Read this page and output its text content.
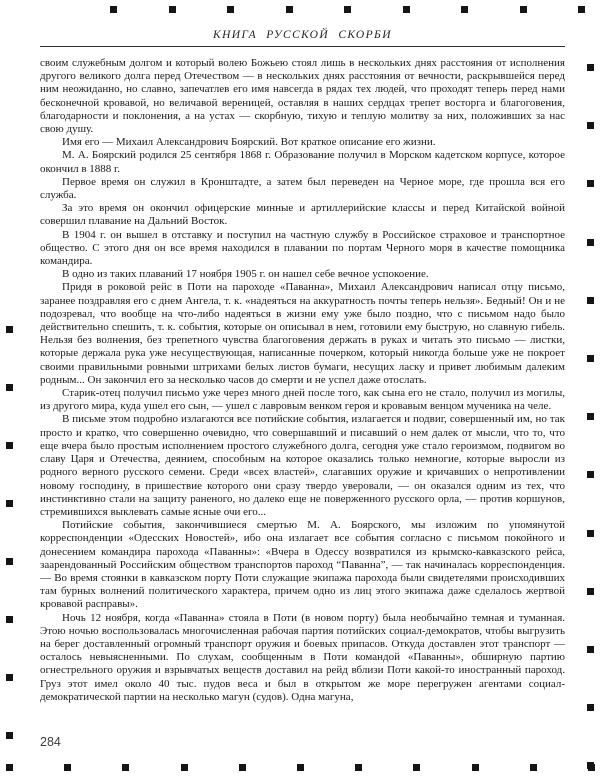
КНИГА РУССКОЙ СКОРБИ

своим служебным долгом и который волею Божьею стоял лишь в нескольких днях расстояния от исполнения другого великого долга перед Отечеством — в нескольких днях расстояния от вечности, раскрывшейся перед ним неожиданно, но славно, запечатлев его имя навсегда в рядах тех людей, что проходят теперь перед нами бесконечной кровавой, но величавой вереницей, оставляя в наших сердцах трепет восторга и благоговения, благодарности и поклонения, а на устах — скорбную, тихую и теплую молитву за них, положивших за нас свою душу.

Имя его — Михаил Александрович Боярский. Вот краткое описание его жизни.

М. А. Боярский родился 25 сентября 1868 г. Образование получил в Морском кадетском корпусе, которое окончил в 1888 г.

Первое время он служил в Кронштадте, а затем был переведен на Черное море, где прошла вся его служба.

За это время он окончил офицерские минные и артиллерийские классы и перед Китайской войной совершил плавание на Дальний Восток.

В 1904 г. он вышел в отставку и поступил на частную службу в Российское страховое и транспортное общество. С этого дня он все время находился в плавании по портам Черного моря в качестве помощника командира.

В одно из таких плаваний 17 ноября 1905 г. он нашел себе вечное успокоение.

Придя в роковой рейс в Поти на пароходе «Паванна», Михаил Александрович написал отцу письмо, заранее поздравляя его с днем Ангела, т. к. «надеяться на аккуратность почты теперь нельзя». Бедный! Он и не подозревал, что вообще на что-либо надеяться в жизни ему уже было поздно, что с письмом надо было действительно спешить, т. к. события, которые он описывал в нем, готовили ему быструю, но славную гибель. Нельзя без волнения, без трепетного чувства благоговения держать в руках и читать это письмо — листки, которые держала рука уже несуществующая, написанные почерком, который никогда больше уже не покроет своими правильными ровными штрихами белых листов бумаги, несущих ласку и привет любимым далеким родным... Он закончил его за несколько часов до смерти и не успел даже отослать.

Старик-отец получил письмо уже через много дней после того, как сына его не стало, получил из могилы, из другого мира, куда ушел его сын, — ушел с лавровым венком героя и кровавым венцом мученика на челе.

В письме этом подробно излагаются все потийские события, излагается и подвиг, совершенный им, но так просто и кратко, что совершенно очевидно, что совершавший и писавший о нем далек от мысли, что то, что еще вчера было простым исполнением простого служебного долга, сегодня уже стало героизмом, подвигом во славу Царя и Отечества, деянием, способным на которое оказались только немногие, которые выросли из родного верного русского семени. Среди «всех властей», слагавших оружие и кричавших о непротивлении новому господину, в пришествие которого они сразу твердо уверовали, — он оказался одним из тех, что инстинктивно стали на защиту раненого, но далеко еще не поверженного русского орла, — против коршунов, стремившихся выклевать самые ясные очи его...

Потийские события, закончившиеся смертью М. А. Боярского, мы изложим по упомянутой корреспонденции «Одесских Новостей», ибо она излагает все события согласно с письмом покойного и донесением командира парохода «Паванны»: «Вчера в Одессу возвратился из крымско-кавказского рейса, заарендованный Российским обществом транспортов пароход “Паванна”, — так начиналась корреспонденция. — Во время стоянки в кавказском порту Поти служащие экипажа парохода были свидетелями происходивших там бурных волнений политического характера, причем одно из лиц этого экипажа даже сделалось жертвой кровавой расправы».

Ночь 12 ноября, когда «Паванна» стояла в Поти (в новом порту) была необычайно темная и туманная. Этою ночью воспользовалась многочисленная рабочая партия потийских социал-демократов, чтобы выгрузить на берег доставленный огромный транспорт оружия и боевых припасов. Откуда доставлен этот транспорт — осталось невыясненными. По слухам, сообщенным в Поти командой «Паванны», обширную партию огнестрельного оружия и взрывчатых веществ доставил на рейд вблизи Поти какой-то иностранный пароход. Груз этот имел около 40 тыс. пудов веса и был в открытом же море перегружен агентами социал-демократической партии на несколько магун (судов). Одна магуна,

284
